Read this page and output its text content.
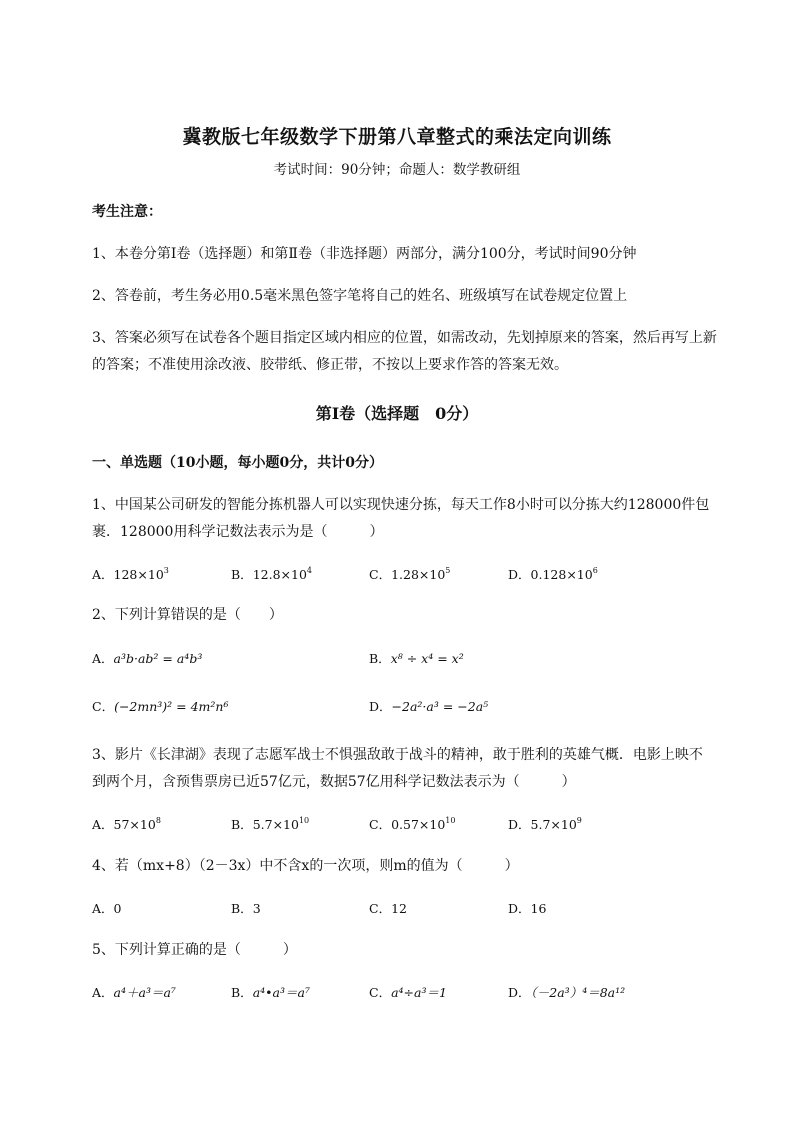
冀教版七年级数学下册第八章整式的乘法定向训练
考试时间：90分钟；命题人：数学教研组
考生注意：
1、本卷分第Ⅰ卷（选择题）和第Ⅱ卷（非选择题）两部分，满分100分，考试时间90分钟
2、答卷前，考生务必用0.5毫米黑色签字笔将自己的姓名、班级填写在试卷规定位置上
3、答案必须写在试卷各个题目指定区域内相应的位置，如需改动，先划掉原来的答案，然后再写上新
的答案；不准使用涂改液、胶带纸、修正带，不按以上要求作答的答案无效。
第Ⅰ卷（选择题　0分）
一、单选题（10小题，每小题0分，共计0分）
1、中国某公司研发的智能分拣机器人可以实现快速分拣，每天工作8小时可以分拣大约128000件包
裹．128000用科学记数法表示为是（　　　）
A．$128\times 10^3$	B．$12.8\times 10^4$	C．$1.28\times 10^5$	D．$0.128\times 10^6$
2、下列计算错误的是（　　）
A．a³b·ab² = a⁴b³	B．x⁸ ÷ x⁴ = x²
C．(−2mn³)² = 4m²n⁶	D．−2a²·a³ = −2a⁵
3、影片《长津湖》表现了志愿军战士不惧强敌敢于战斗的精神，敢于胜利的英雄气概．电影上映不
到两个月，含预售票房已近57亿元，数据57亿用科学记数法表示为（　　　）
A．$57\times 10^8$	B．$5.7\times 10^{10}$	C．$0.57\times 10^{10}$	D．$5.7\times 10^9$
4、若（mx+8）（2－3x）中不含x的一次项，则m的值为（　　　）
A．0	B．3	C．12	D．16
5、下列计算正确的是（　　　）
A．a⁴＋a³＝a⁷	B．a⁴•a³＝a⁷	C．a⁴÷a³＝1	D．（－2a³）⁴＝8a¹²
